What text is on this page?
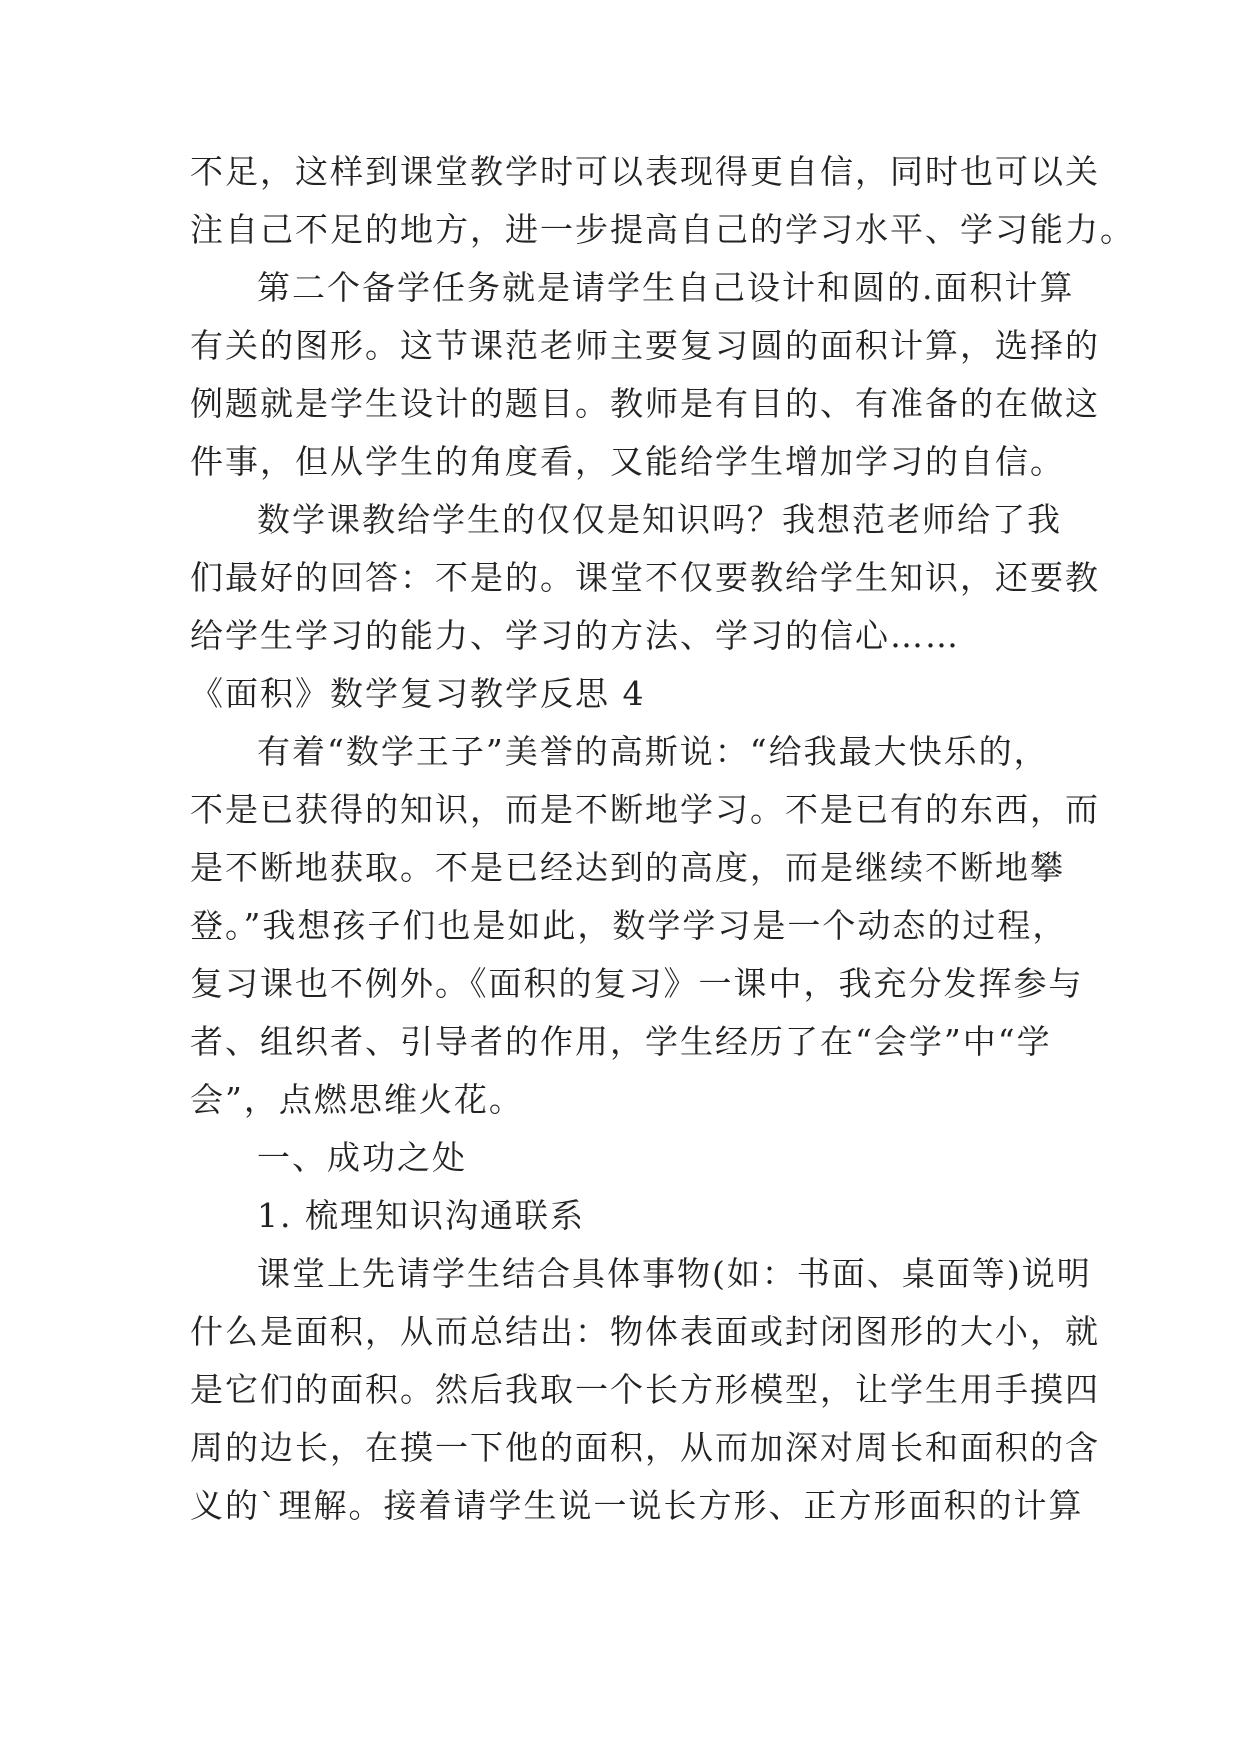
不足，这样到课堂教学时可以表现得更自信，同时也可以关
注自己不足的地方，进一步提高自己的学习水平、学习能力。
第二个备学任务就是请学生自己设计和圆的.面积计算
有关的图形。这节课范老师主要复习圆的面积计算，选择的
例题就是学生设计的题目。教师是有目的、有准备的在做这
件事，但从学生的角度看，又能给学生增加学习的自信。
数学课教给学生的仅仅是知识吗？我想范老师给了我
们最好的回答：不是的。课堂不仅要教给学生知识，还要教
给学生学习的能力、学习的方法、学习的信心……
《面积》数学复习教学反思 4
有着“数学王子”美誉的高斯说：“给我最大快乐的，
不是已获得的知识，而是不断地学习。不是已有的东西，而
是不断地获取。不是已经达到的高度，而是继续不断地攀
登。”我想孩子们也是如此，数学学习是一个动态的过程，
复习课也不例外。《面积的复习》一课中，我充分发挥参与
者、组织者、引导者的作用，学生经历了在“会学”中“学
会”，点燃思维火花。
一、成功之处
1. 梳理知识沟通联系
课堂上先请学生结合具体事物(如：书面、桌面等)说明
什么是面积，从而总结出：物体表面或封闭图形的大小，就
是它们的面积。然后我取一个长方形模型，让学生用手摸四
周的边长，在摸一下他的面积，从而加深对周长和面积的含
义的`理解。接着请学生说一说长方形、正方形面积的计算
